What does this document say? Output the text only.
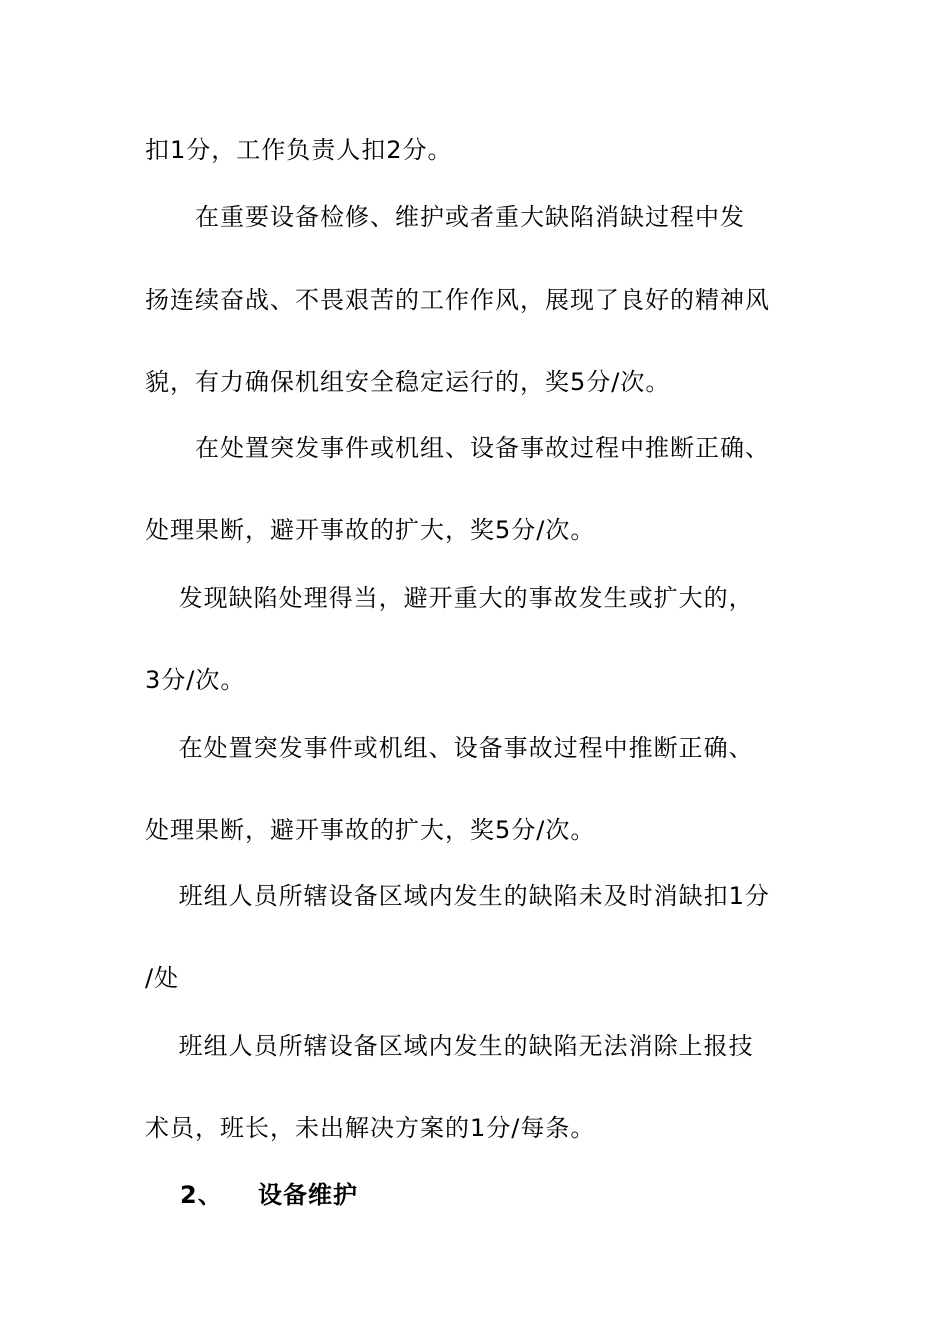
扣1分，工作负责人扣2分。
　　在重要设备检修、维护或者重大缺陷消缺过程中发
扬连续奋战、不畏艰苦的工作作风，展现了良好的精神风
貌，有力确保机组安全稳定运行的，奖5分/次。
　　在处置突发事件或机组、设备事故过程中推断正确、
处理果断，避开事故的扩大，奖5分/次。
　 发现缺陷处理得当，避开重大的事故发生或扩大的，
3分/次。
　 在处置突发事件或机组、设备事故过程中推断正确、
处理果断，避开事故的扩大，奖5分/次。
　 班组人员所辖设备区域内发生的缺陷未及时消缺扣1分
/处
　 班组人员所辖设备区域内发生的缺陷无法消除上报技
术员，班长，未出解决方案的1分/每条。
2、 设备维护
